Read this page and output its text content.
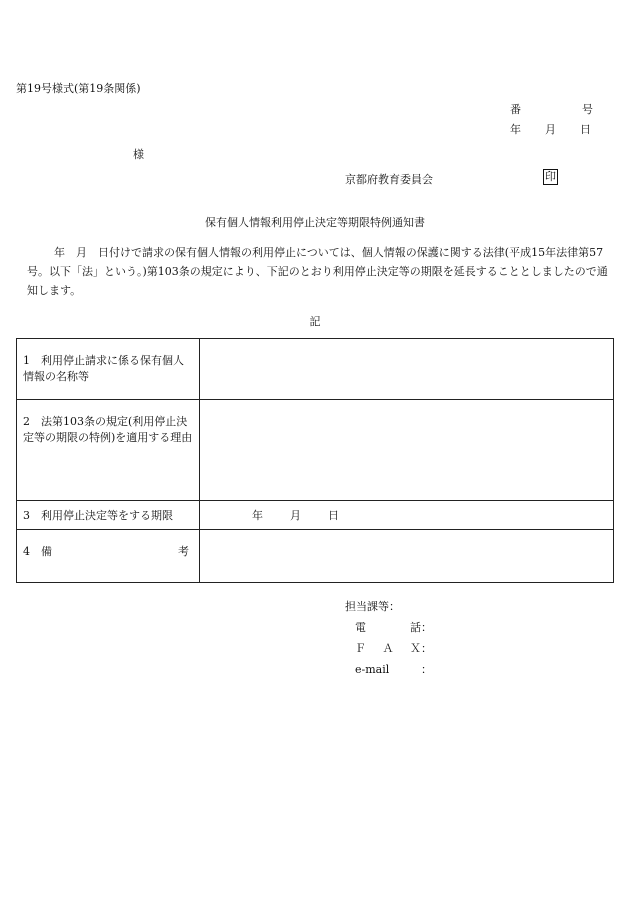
第19号様式(第19条関係)
番	号
年 月 日
様
京都府教育委員会	印
保有個人情報利用停止決定等期限特例通知書
年　月　日付けで請求の保有個人情報の利用停止については、個人情報の保護に関する法律(平成15年法律第57号。以下「法」という。)第103条の規定により、下記のとおり利用停止決定等の期限を延長することとしましたので通知します。
記
1　利用停止請求に係る保有個人情報の名称等	

2　法第103条の規定(利用停止決定等の期限の特例)を適用する理由	

3　利用停止決定等をする期限	年 月 日

4　備 考	

担当課等：
電　　話 ：
Ｆ　Ａ　Ｘ ：
e-mail	：
